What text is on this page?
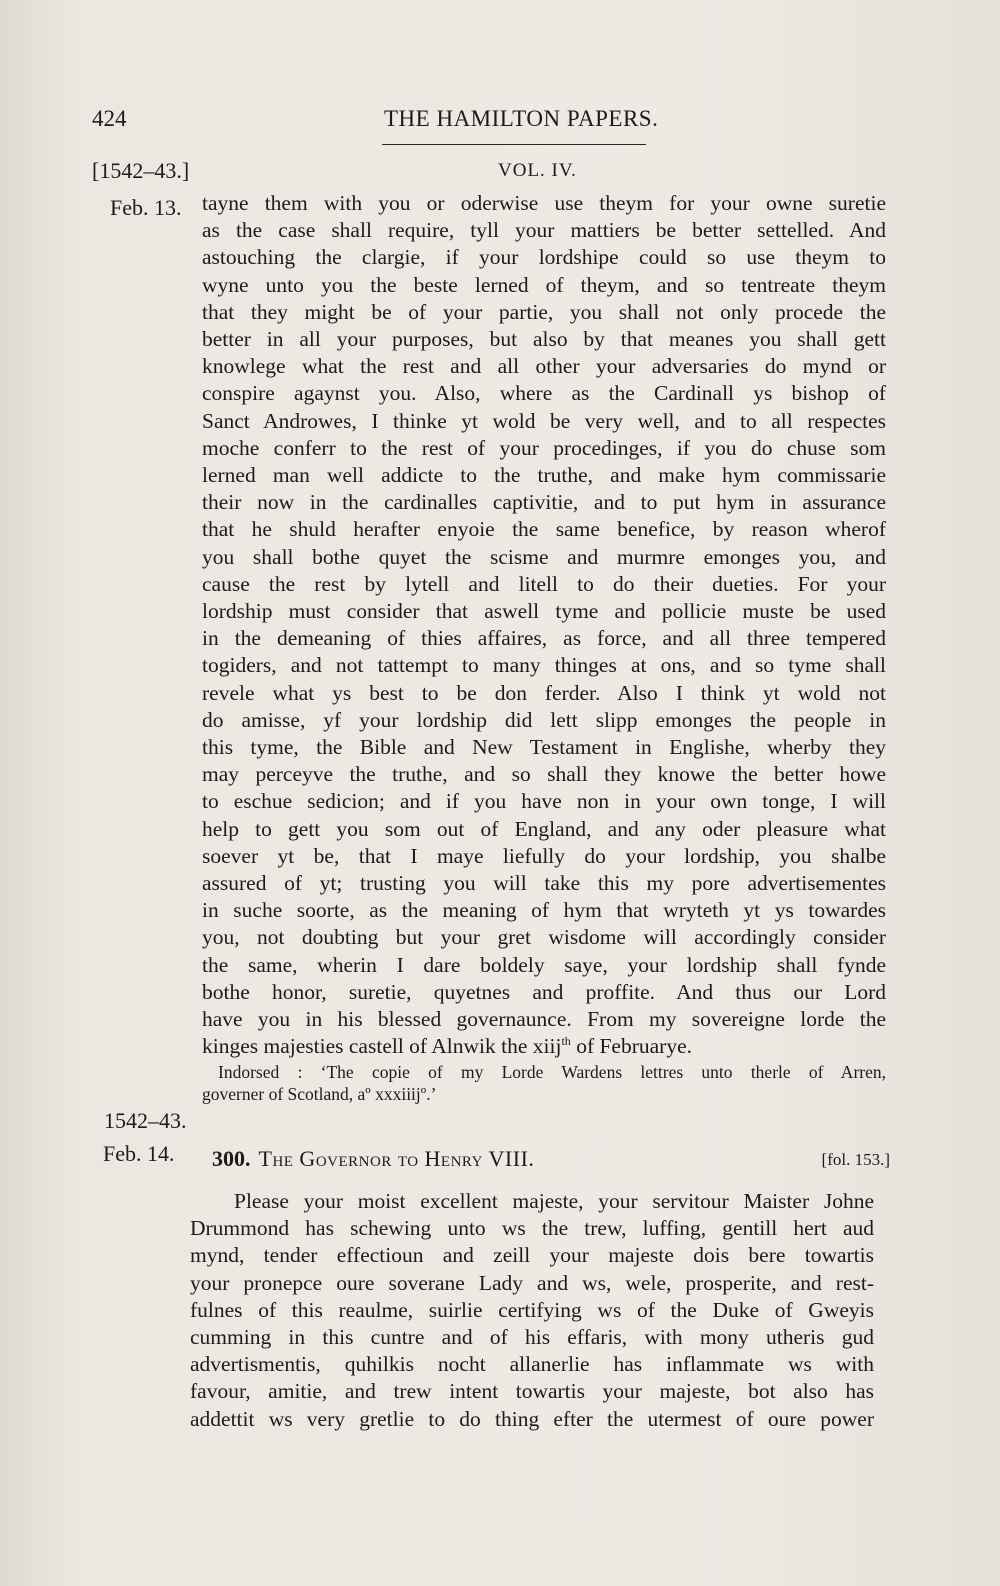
424	THE HAMILTON PAPERS.
[1542–43.]	VOL. IV.
Feb. 13. tayne them with you or oderwise use theym for your owne suretie
as the case shall require, tyll your mattiers be better settelled. And
astouching the clargie, if your lordshipe could so use theym to
wyne unto you the beste lerned of theym, and so tentreate theym
that they might be of your partie, you shall not only procede the
better in all your purposes, but also by that meanes you shall gett
knowlege what the rest and all other your adversaries do mynd or
conspire agaynst you. Also, where as the Cardinall ys bishop of
Sanct Androwes, I thinke yt wold be very well, and to all respectes
moche conferr to the rest of your procedinges, if you do chuse som
lerned man well addicte to the truthe, and make hym commissarie
their now in the cardinalles captivitie, and to put hym in assurance
that he shuld herafter enyoie the same benefice, by reason wherof
you shall bothe quyet the scisme and murmre emonges you, and
cause the rest by lytell and litell to do their dueties. For your
lordship must consider that aswell tyme and pollicie muste be used
in the demeaning of thies affaires, as force, and all three tempered
togiders, and not tattempt to many thinges at ons, and so tyme shall
revele what ys best to be don ferder. Also I think yt wold not
do amisse, yf your lordship did lett slipp emonges the people in
this tyme, the Bible and New Testament in Englishe, wherby they
may perceyve the truthe, and so shall they knowe the better howe
to eschue sedicion; and if you have non in your own tonge, I will
help to gett you som out of England, and any oder pleasure what
soever yt be, that I maye liefully do your lordship, you shalbe
assured of yt; trusting you will take this my pore advertisementes
in suche soorte, as the meaning of hym that wryteth yt ys towardes
you, not doubting but your gret wisdome will accordingly consider
the same, wherin I dare boldely saye, your lordship shall fynde
bothe honor, suretie, quyetnes and proffite. And thus our Lord
have you in his blessed governaunce. From my sovereigne lorde the
kinges majesties castell of Alnwik the xiij$^{th}$ of Februarye.
Indorsed : ‘The copie of my Lorde Wardens lettres unto therle of Arren,
governer of Scotland, aº xxxiiijº.’
1542–43.
Feb. 14. 300. The Governor to Henry VIII.	[fol. 153.]
Please your moist excellent majeste, your servitour Maister Johne
Drummond has schewing unto ws the trew, luffing, gentill hert aud
mynd, tender effectioun and zeill your majeste dois bere towartis
your pronepce oure soverane Lady and ws, wele, prosperite, and rest-
fulnes of this reaulme, suirlie certifying ws of the Duke of Gweyis
cumming in this cuntre and of his effaris, with mony utheris gud
advertismentis, quhilkis nocht allanerlie has inflammate ws with
favour, amitie, and trew intent towartis your majeste, bot also has
addettit ws very gretlie to do thing efter the utermest of oure power
